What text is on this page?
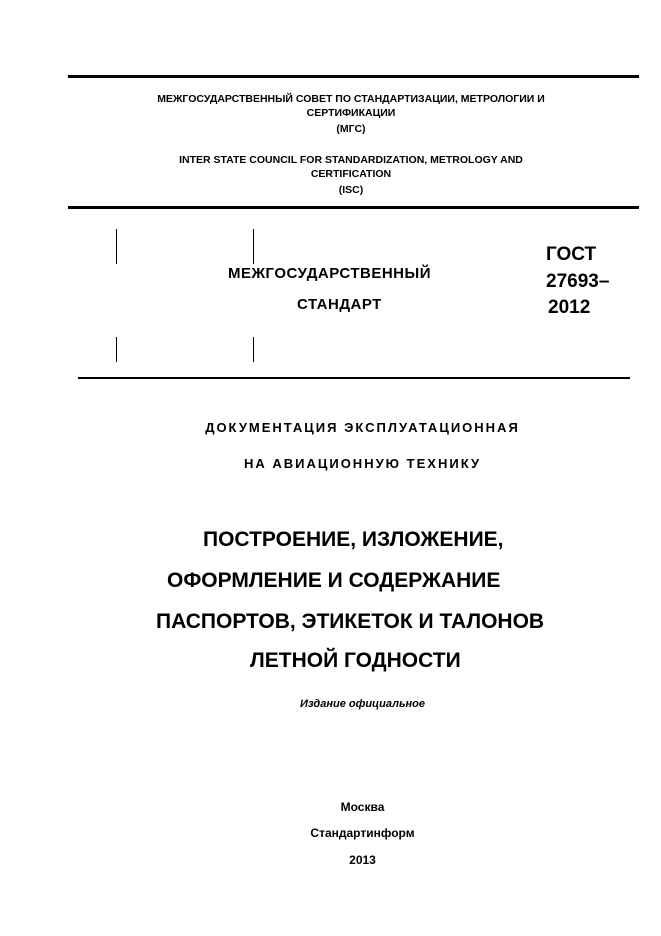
МЕЖГОСУДАРСТВЕННЫЙ СОВЕТ ПО СТАНДАРТИЗАЦИИ, МЕТРОЛОГИИ И
СЕРТИФИКАЦИИ
(МГС)
INTER STATE COUNCIL FOR STANDARDIZATION, METROLOGY AND
CERTIFICATION
(ISC)
МЕЖГОСУДАРСТВЕННЫЙ
СТАНДАРТ
ГОСТ
27693–
2012
ДОКУМЕНТАЦИЯ ЭКСПЛУАТАЦИОННАЯ
НА АВИАЦИОННУЮ ТЕХНИКУ
ПОСТРОЕНИЕ, ИЗЛОЖЕНИЕ,
ОФОРМЛЕНИЕ И СОДЕРЖАНИЕ
ПАСПОРТОВ, ЭТИКЕТОК И ТАЛОНОВ
ЛЕТНОЙ ГОДНОСТИ
Издание официальное
Москва
Стандартинформ
2013
